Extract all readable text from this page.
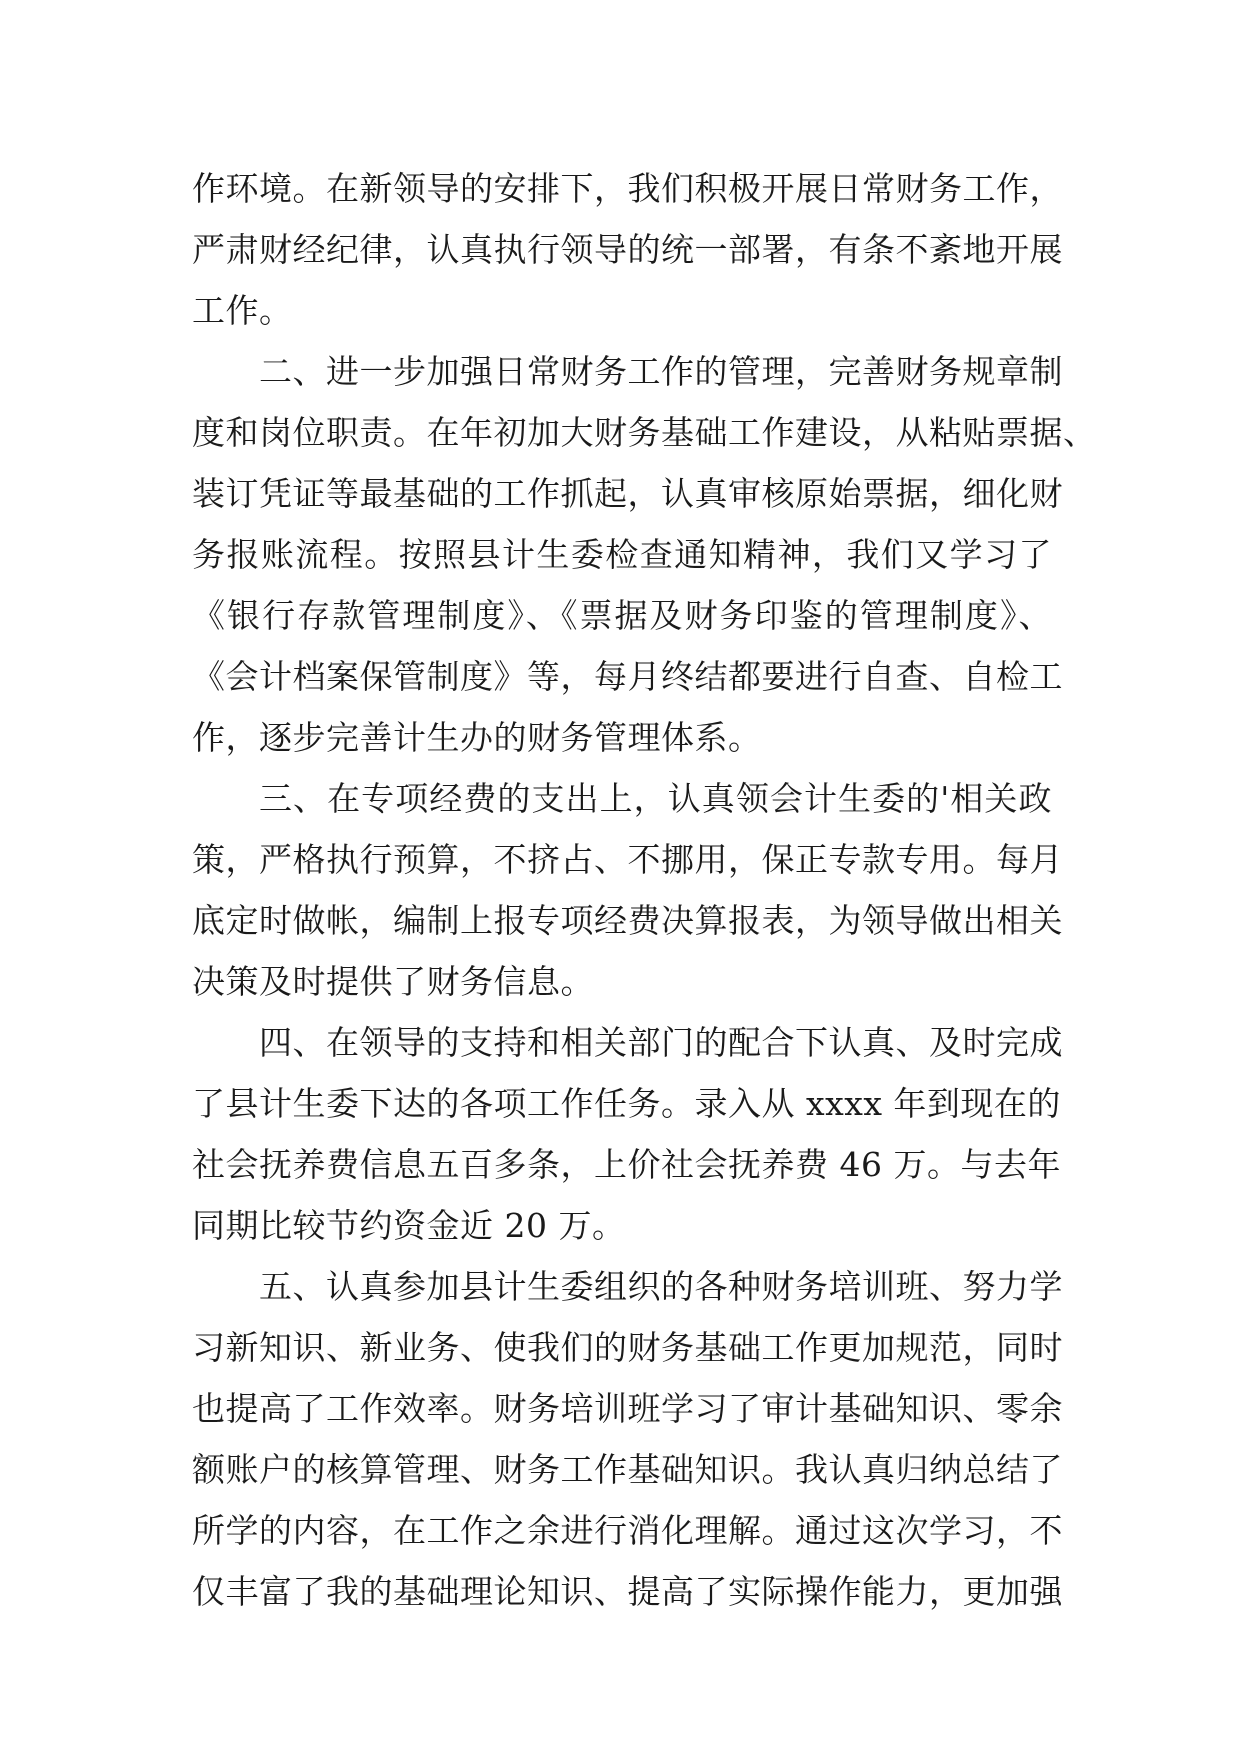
作环境。在新领导的安排下，我们积极开展日常财务工作，
严肃财经纪律，认真执行领导的统一部署，有条不紊地开展
工作。
二、进一步加强日常财务工作的管理，完善财务规章制
度和岗位职责。在年初加大财务基础工作建设，从粘贴票据、
装订凭证等最基础的工作抓起，认真审核原始票据，细化财
务报账流程。按照县计生委检查通知精神，我们又学习了
《银行存款管理制度》、《票据及财务印鉴的管理制度》、
《会计档案保管制度》等，每月终结都要进行自查、自检工
作，逐步完善计生办的财务管理体系。
三、在专项经费的支出上，认真领会计生委的'相关政
策，严格执行预算，不挤占、不挪用，保正专款专用。每月
底定时做帐，编制上报专项经费决算报表，为领导做出相关
决策及时提供了财务信息。
四、在领导的支持和相关部门的配合下认真、及时完成
了县计生委下达的各项工作任务。录入从 xxxx 年到现在的
社会抚养费信息五百多条，上价社会抚养费 46 万。与去年
同期比较节约资金近 20 万。
五、认真参加县计生委组织的各种财务培训班、努力学
习新知识、新业务、使我们的财务基础工作更加规范，同时
也提高了工作效率。财务培训班学习了审计基础知识、零余
额账户的核算管理、财务工作基础知识。我认真归纳总结了
所学的内容，在工作之余进行消化理解。通过这次学习，不
仅丰富了我的基础理论知识、提高了实际操作能力，更加强
